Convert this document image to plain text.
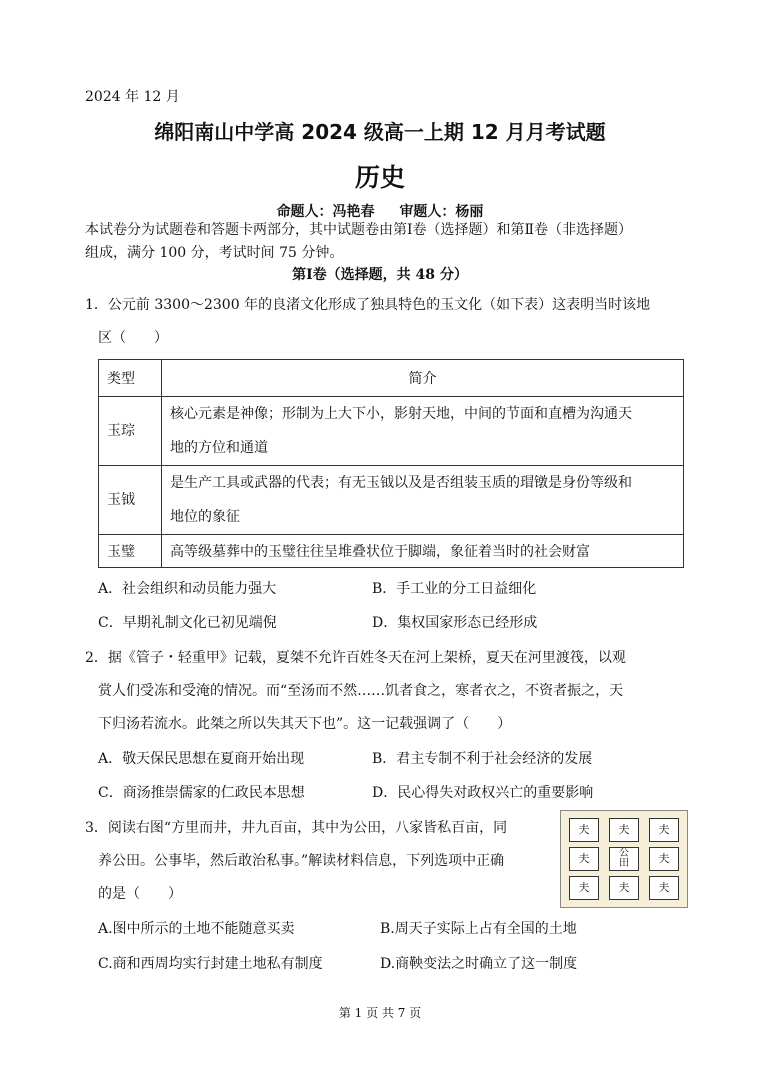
2024 年 12 月
绵阳南山中学高 2024 级高一上期 12 月月考试题
历史
命题人：冯艳春 审题人：杨丽
本试卷分为试题卷和答题卡两部分，其中试题卷由第Ⅰ卷（选择题）和第Ⅱ卷（非选择题）
组成，满分 100 分，考试时间 75 分钟。
第Ⅰ卷（选择题，共 48 分）
1．公元前 3300～2300 年的良渚文化形成了独具特色的玉文化（如下表）这表明当时该地
区（　　）
类型	简介
玉琮	核心元素是神像；形制为上大下小，影射天地，中间的节面和直槽为沟通天
地的方位和通道

玉钺	是生产工具或武器的代表；有无玉钺以及是否组装玉质的瑁镦是身份等级和
地位的象征

玉璧	高等级墓葬中的玉璧往往呈堆叠状位于脚端，象征着当时的社会财富
A．社会组织和动员能力强大	B．手工业的分工日益细化
C．早期礼制文化已初见端倪	D．集权国家形态已经形成
2．据《管子・轻重甲》记载，夏桀不允许百姓冬天在河上架桥，夏天在河里渡筏，以观
赏人们受冻和受淹的情况。而“至汤而不然……饥者食之，寒者衣之，不资者振之，天
下归汤若流水。此桀之所以失其天下也”。这一记载强调了（　　）
A．敬天保民思想在夏商开始出现	B．君主专制不利于社会经济的发展
C．商汤推崇儒家的仁政民本思想	D．民心得失对政权兴亡的重要影响
3．阅读右图“方里而井，井九百亩，其中为公田，八家皆私百亩，同
养公田。公事毕，然后敢治私事。”解读材料信息，下列选项中正确
的是（　　）
夫	夫	夫
夫	公
田	夫
夫	夫	夫
A.图中所示的土地不能随意买卖	B.周天子实际上占有全国的土地
C.商和西周均实行封建土地私有制度	D.商鞅变法之时确立了这一制度
第 1 页 共 7 页
